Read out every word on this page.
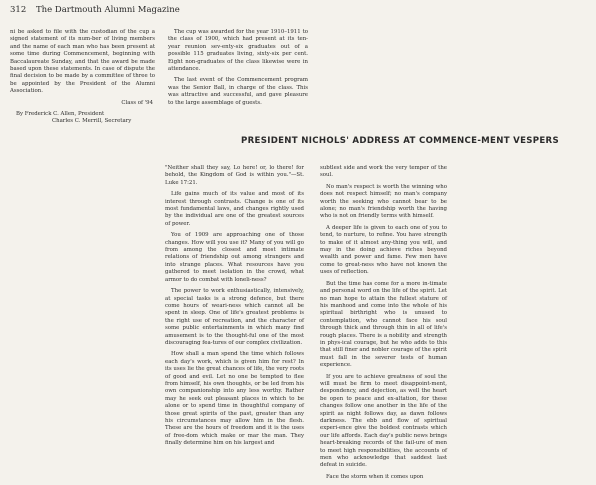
312 The Dartmouth Alumni Magazine

ni be asked to file with the custodian of the cup a signed statement of its num-ber of living members and the name of each man who has been present at some time during Commencement, beginning with Baccalaureate Sunday, and that the award be made based upon these statements. In case of dispute the final decision to be made by a committee of three to be appointed by the President of the Alumni Association.

Class of '94

By Frederick C. Allen, President
Charles C. Merrill, Secretary

The cup was awarded for the year 1910–1911 to the class of 1900, which had present at its ten-year reunion sev-enty-six graduates out of a possible 115 graduates living, sixty-six per cent. Eight non-graduates of the class likewise were in attendance.

The last event of the Commencement program was the Senior Ball, in charge of the class. This was attractive and successful, and gave pleasure to the large assemblage of guests.

PRESIDENT NICHOLS' ADDRESS AT COMMENCE-MENT VESPERS

"Neither shall they say, Lo here! or, lo there! for behold, the Kingdom of God is within you."—St. Luke 17:21.

Life gains much of its value and most of its interest through contrasts. Change is one of its most fundamental laws, and changes rightly used by the individual are one of the greatest sources of power.

You of 1909 are approaching one of those changes. How will you use it? Many of you will go from among the closest and most intimate relations of friendship out among strangers and into strange places. What resources have you gathered to meet isolation in the crowd, what armor to do combat with loneli-ness?

The power to work enthusiastically, intensively, at special tasks is a strong defence, but there come hours of weari-ness which cannot all be spent in sleep. One of life's greatest problems is the right use of recreation, and the character of some public entertainments in which many find amusement is to the thought-ful one of the most discouraging fea-tures of our complex civilization.

How shall a man spend the time which follows each day's work, which is given him for rest? In its uses lie the great chances of life, the very roots of good and evil. Let no one be tempted to flee from himself, his own thoughts, or be led from his own companionship into any less worthy. Rather may he seek out pleasant places in which to be alone or to spend time in thoughtful company of those great spirits of the past, greater than any his circumstances may allow him in the flesh. These are the hours of freedom and it is the uses of free-dom which make or mar the man. They finally determine him on his largest and

subtlest side and work the very temper of the soul.

No man's respect is worth the winning who does not respect himself; no man's company worth the seeking who cannot bear to be alone; no man's friendship worth the having who is not on friendly terms with himself.

A deeper life is given to each one of you to tend, to nurture, to refine. You have strength to make of it almost any-thing you will, and may in the doing achieve riches beyond wealth and power and fame. Few men have come to great-ness who have not known the uses of reflection.

But the time has come for a more in-timate and personal word on the life of the spirit. Let no man hope to attain the fullest stature of his manhood and come into the whole of his spiritual birthright who is unused to contemplation, who cannot face his soul through thick and through thin in all of life's rough places. There is a nobility and strength in phys-ical courage, but he who adds to this that still finer and nobler courage of the spirit must fall in the severer tests of human experience.

If you are to achieve greatness of soul the will must be firm to meet disappoint-ment, despondency, and dejection, as well the heart be open to peace and ex-altation, for these changes follow one another in the life of the spirit as night follows day, as dawn follows darkness. The ebb and flow of spiritual experi-ence give the boldest contrasts which our life affords. Each day's public news brings heart-breaking records of the fail-ure of men to meet high responsibilities, the accounts of men who acknowledge that saddest last defeat in suicide.

Face the storm when it comes upon
